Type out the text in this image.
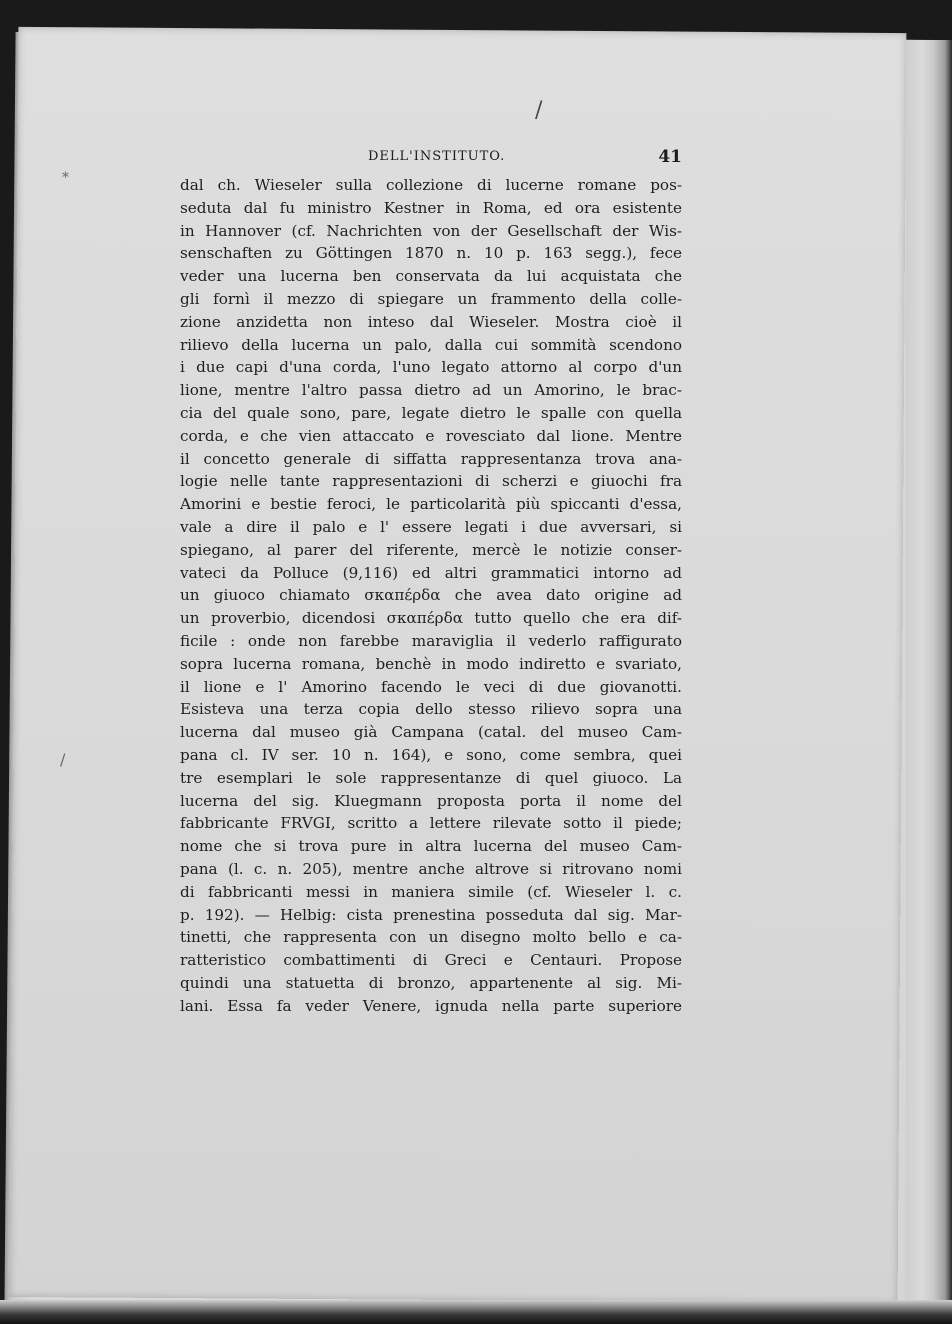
/
/
*
DELL'INSTITUTO.	41
dal ch. Wieseler sulla collezione di lucerne romane pos-
seduta dal fu ministro Kestner in Roma, ed ora esistente
in Hannover (cf. Nachrichten von der Gesellschaft der Wis-
senschaften zu Göttingen 1870 n. 10 p. 163 segg.), fece
veder una lucerna ben conservata da lui acquistata che
gli fornì il mezzo di spiegare un frammento della colle-
zione anzidetta non inteso dal Wieseler. Mostra cioè il
rilievo della lucerna un palo, dalla cui sommità scendono
i due capi d'una corda, l'uno legato attorno al corpo d'un
lione, mentre l'altro passa dietro ad un Amorino, le brac-
cia del quale sono, pare, legate dietro le spalle con quella
corda, e che vien attaccato e rovesciato dal lione. Mentre
il concetto generale di siffatta rappresentanza trova ana-
logie nelle tante rappresentazioni di scherzi e giuochi fra
Amorini e bestie feroci, le particolarità più spiccanti d'essa,
vale a dire il palo e l' essere legati i due avversari, si
spiegano, al parer del riferente, mercè le notizie conser-
vateci da Polluce (9,116) ed altri grammatici intorno ad
un giuoco chiamato σκαπέρδα che avea dato origine ad
un proverbio, dicendosi σκαπέρδα tutto quello che era dif-
ficile : onde non farebbe maraviglia il vederlo raffigurato
sopra lucerna romana, benchè in modo indiretto e svariato,
il lione e l' Amorino facendo le veci di due giovanotti.
Esisteva una terza copia dello stesso rilievo sopra una
lucerna dal museo già Campana (catal. del museo Cam-
pana cl. IV ser. 10 n. 164), e sono, come sembra, quei
tre esemplari le sole rappresentanze di quel giuoco. La
lucerna del sig. Kluegmann proposta porta il nome del
fabbricante FRVGI, scritto a lettere rilevate sotto il piede;
nome che si trova pure in altra lucerna del museo Cam-
pana (l. c. n. 205), mentre anche altrove si ritrovano nomi
di fabbricanti messi in maniera simile (cf. Wieseler l. c.
p. 192). — Helbig: cista prenestina posseduta dal sig. Mar-
tinetti, che rappresenta con un disegno molto bello e ca-
ratteristico combattimenti di Greci e Centauri. Propose
quindi una statuetta di bronzo, appartenente al sig. Mi-
lani. Essa fa veder Venere, ignuda nella parte superiore
